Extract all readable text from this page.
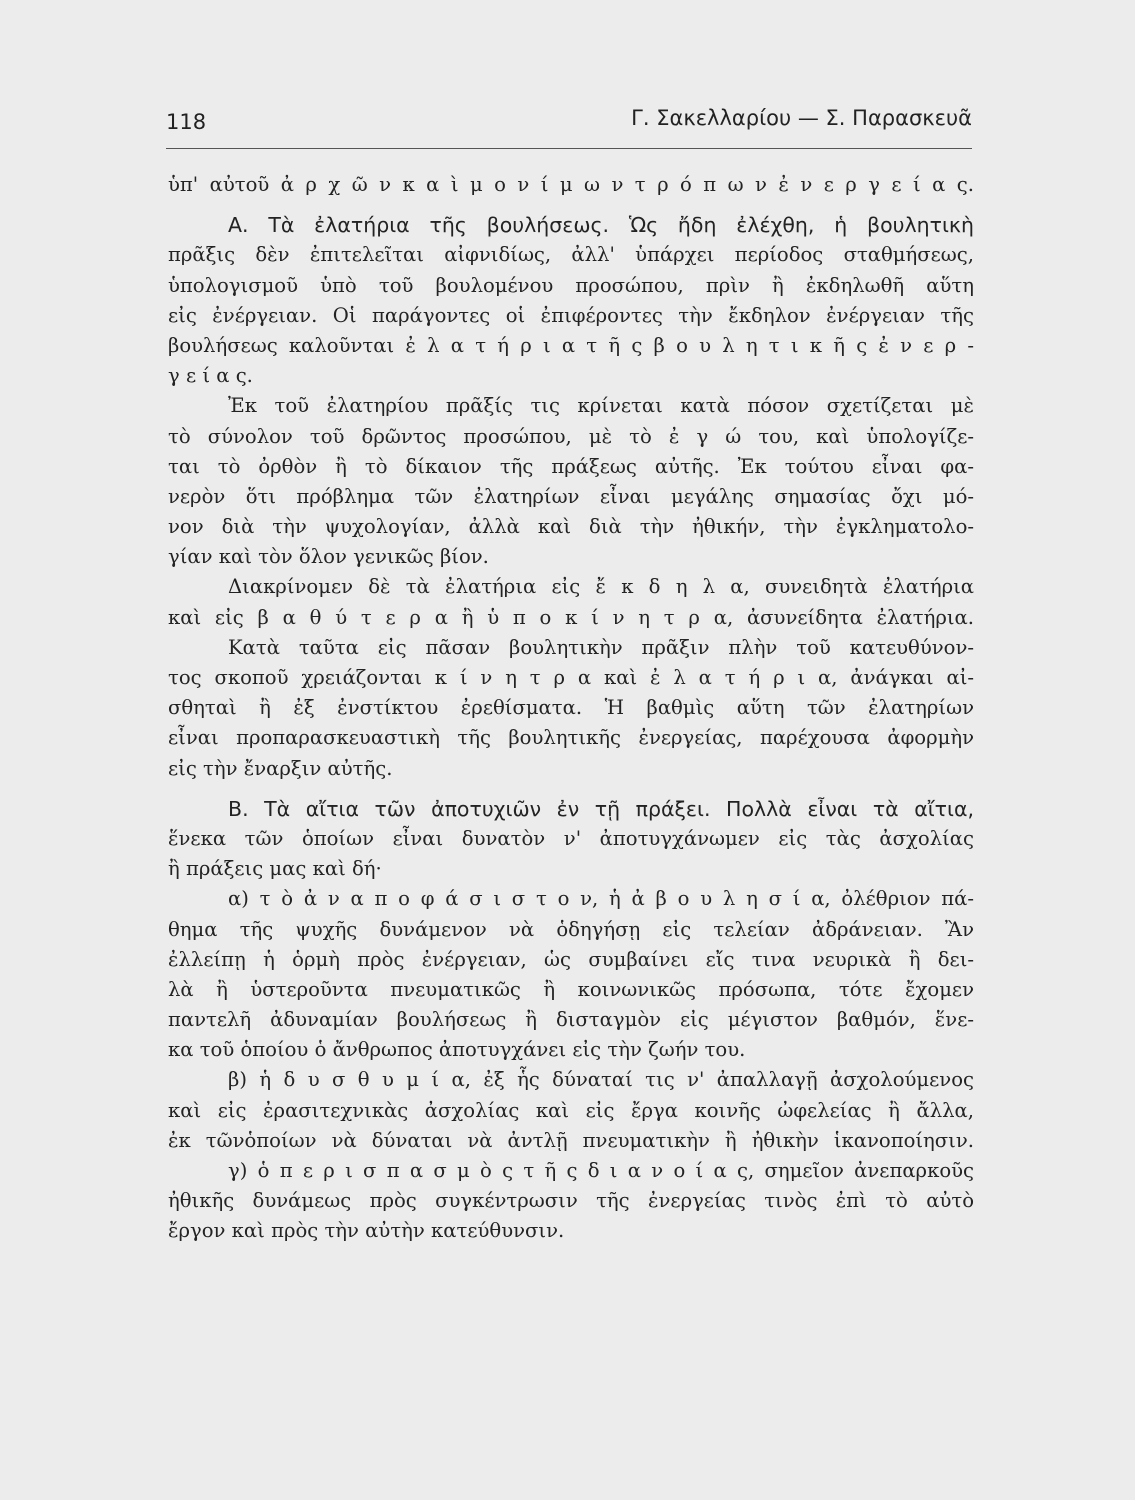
118	Γ. Σακελλαρίου — Σ. Παρασκευᾶ
ὑπ' αὐτοῦ ἀ ρ χ ῶ ν κ α ὶ μ ο ν ί μ ω ν τ ρ ό π ω ν ἐ ν ε ρ γ ε ί α ς.
Α. Τὰ ἐλατήρια τῆς βουλήσεως. Ὡς ἤδη ἐλέχθη, ἡ βουλητικὴ
πρᾶξις δὲν ἐπιτελεῖται αἰφνιδίως, ἀλλ' ὑπάρχει περίοδος σταθμήσεως,
ὑπολογισμοῦ ὑπὸ τοῦ βουλομένου προσώπου, πρὶν ἢ ἐκδηλωθῆ αὕτη
εἰς ἐνέργειαν. Οἱ παράγοντες οἱ ἐπιφέροντες τὴν ἔκδηλον ἐνέργειαν τῆς
βουλήσεως καλοῦνται ἐ λ α τ ή ρ ι α τ ῆ ς β ο υ λ η τ ι κ ῆ ς ἐ ν ε ρ -
γ ε ί α ς.
Ἐκ τοῦ ἐλατηρίου πρᾶξίς τις κρίνεται κατὰ πόσον σχετίζεται μὲ
τὸ σύνολον τοῦ δρῶντος προσώπου, μὲ τὸ ἐ γ ώ του, καὶ ὑπολογίζε-
ται τὸ ὀρθὸν ἢ τὸ δίκαιον τῆς πράξεως αὐτῆς. Ἐκ τούτου εἶναι φα-
νερὸν ὅτι πρόβλημα τῶν ἐλατηρίων εἶναι μεγάλης σημασίας ὄχι μό-
νον διὰ τὴν ψυχολογίαν, ἀλλὰ καὶ διὰ τὴν ἠθικήν, τὴν ἐγκληματολο-
γίαν καὶ τὸν ὅλον γενικῶς βίον.
Διακρίνομεν δὲ τὰ ἐλατήρια εἰς ἔ κ δ η λ α, συνειδητὰ ἐλατήρια
καὶ εἰς β α θ ύ τ ε ρ α ἢ ὑ π ο κ ί ν η τ ρ α, ἀσυνείδητα ἐλατήρια.
Κατὰ ταῦτα εἰς πᾶσαν βουλητικὴν πρᾶξιν πλὴν τοῦ κατευθύνον-
τος σκοποῦ χρειάζονται κ ί ν η τ ρ α καὶ ἐ λ α τ ή ρ ι α, ἀνάγκαι αἰ-
σθηταὶ ἢ ἐξ ἐνστίκτου ἐρεθίσματα. Ἡ βαθμὶς αὕτη τῶν ἐλατηρίων
εἶναι προπαρασκευαστικὴ τῆς βουλητικῆς ἐνεργείας, παρέχουσα ἀφορμὴν
εἰς τὴν ἔναρξιν αὐτῆς.
Β. Τὰ αἴτια τῶν ἀποτυχιῶν ἐν τῇ πράξει. Πολλὰ εἶναι τὰ αἴτια,
ἕνεκα τῶν ὁποίων εἶναι δυνατὸν ν' ἀποτυγχάνωμεν εἰς τὰς ἀσχολίας
ἢ πράξεις μας καὶ δή·
α) τ ὸ ἀ ν α π ο φ ά σ ι σ τ ο ν, ἡ ἀ β ο υ λ η σ ί α, ὀλέθριον πά-
θημα τῆς ψυχῆς δυνάμενον νὰ ὁδηγήσῃ εἰς τελείαν ἀδράνειαν. Ἂν
ἐλλείπῃ ἡ ὁρμὴ πρὸς ἐνέργειαν, ὡς συμβαίνει εἴς τινα νευρικὰ ἢ δει-
λὰ ἢ ὑστεροῦντα πνευματικῶς ἢ κοινωνικῶς πρόσωπα, τότε ἔχομεν
παντελῆ ἀδυναμίαν βουλήσεως ἢ δισταγμὸν εἰς μέγιστον βαθμόν, ἕνε-
κα τοῦ ὁποίου ὁ ἄνθρωπος ἀποτυγχάνει εἰς τὴν ζωήν του.
β) ἡ δ υ σ θ υ μ ί α, ἐξ ἧς δύναταί τις ν' ἀπαλλαγῇ ἀσχολούμενος
καὶ εἰς ἐρασιτεχνικὰς ἀσχολίας καὶ εἰς ἔργα κοινῆς ὠφελείας ἢ ἄλλα,
ἐκ τῶνὁποίων νὰ δύναται νὰ ἀντλῇ πνευματικὴν ἢ ἠθικὴν ἱκανοποίησιν.
γ) ὁ π ε ρ ι σ π α σ μ ὸ ς τ ῆ ς δ ι α ν ο ί α ς, σημεῖον ἀνεπαρκοῦς
ἠθικῆς δυνάμεως πρὸς συγκέντρωσιν τῆς ἐνεργείας τινὸς ἐπὶ τὸ αὐτὸ
ἔργον καὶ πρὸς τὴν αὐτὴν κατεύθυνσιν.
